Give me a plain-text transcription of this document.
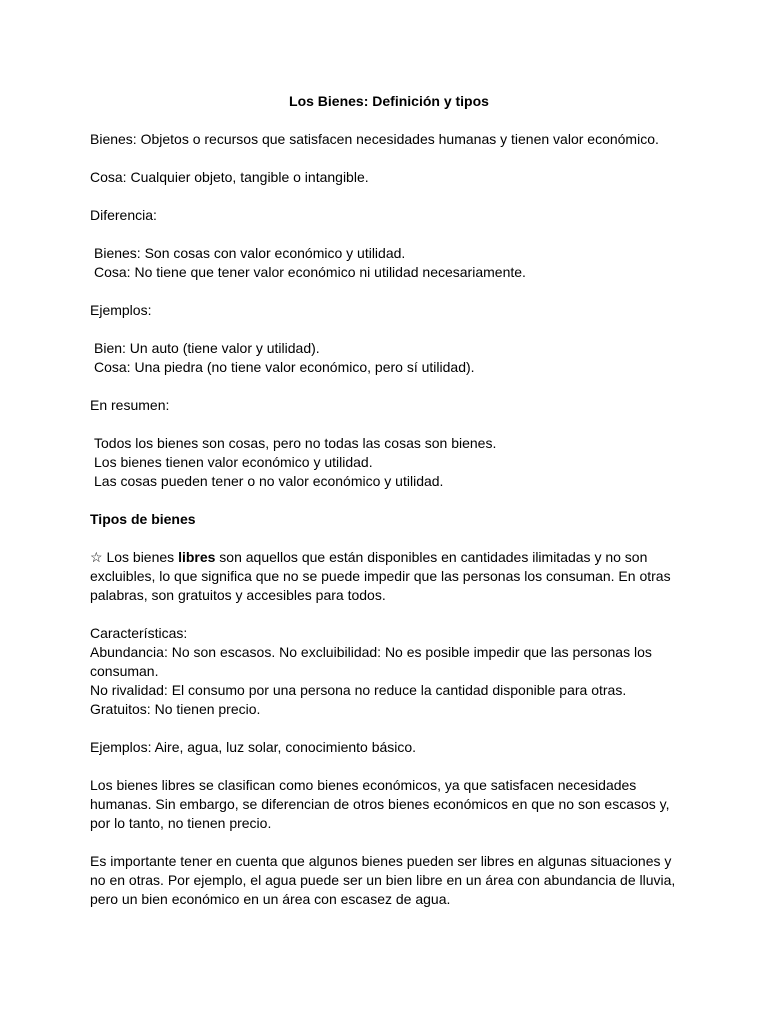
Los Bienes: Definición y tipos

Bienes: Objetos o recursos que satisfacen necesidades humanas y tienen valor económico.

Cosa: Cualquier objeto, tangible o intangible.

Diferencia:

Bienes: Son cosas con valor económico y utilidad.
Cosa: No tiene que tener valor económico ni utilidad necesariamente.

Ejemplos:

Bien: Un auto (tiene valor y utilidad).
Cosa: Una piedra (no tiene valor económico, pero sí utilidad).

En resumen:

Todos los bienes son cosas, pero no todas las cosas son bienes.
Los bienes tienen valor económico y utilidad.
Las cosas pueden tener o no valor económico y utilidad.

Tipos de bienes

☆ Los bienes libres son aquellos que están disponibles en cantidades ilimitadas y no son excluibles, lo que significa que no se puede impedir que las personas los consuman. En otras palabras, son gratuitos y accesibles para todos.

Características:
Abundancia: No son escasos. No excluibilidad: No es posible impedir que las personas los consuman.
No rivalidad: El consumo por una persona no reduce la cantidad disponible para otras.
Gratuitos: No tienen precio.

Ejemplos: Aire, agua, luz solar, conocimiento básico.

Los bienes libres se clasifican como bienes económicos, ya que satisfacen necesidades humanas. Sin embargo, se diferencian de otros bienes económicos en que no son escasos y, por lo tanto, no tienen precio.

Es importante tener en cuenta que algunos bienes pueden ser libres en algunas situaciones y no en otras. Por ejemplo, el agua puede ser un bien libre en un área con abundancia de lluvia, pero un bien económico en un área con escasez de agua.
